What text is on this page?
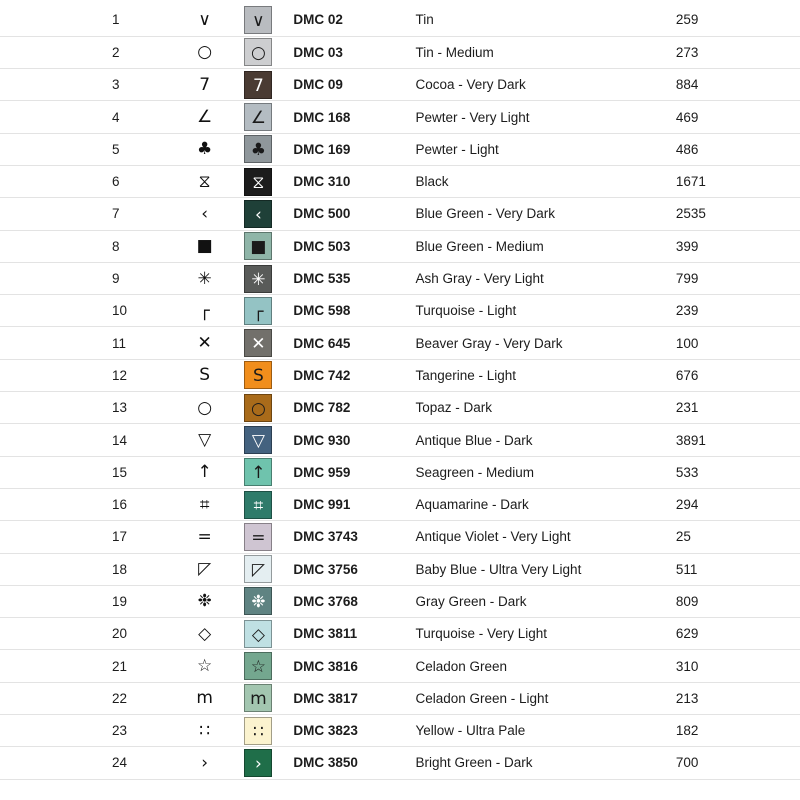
1	∨	∨	DMC 02	Tin	259
2	○	○	DMC 03	Tin - Medium	273
3	7	7	DMC 09	Cocoa - Very Dark	884
4	∠	∠	DMC 168	Pewter - Very Light	469
5	♣	♣	DMC 169	Pewter - Light	486
6	⧖	⧖	DMC 310	Black	1671
7	‹	‹	DMC 500	Blue Green - Very Dark	2535
8	■	■	DMC 503	Blue Green - Medium	399
9	✳	✳	DMC 535	Ash Gray - Very Light	799
10	┌	┌	DMC 598	Turquoise - Light	239
11	✕	✕	DMC 645	Beaver Gray - Very Dark	100
12	S	S	DMC 742	Tangerine - Light	676
13	○	○	DMC 782	Topaz - Dark	231
14	▽	▽	DMC 930	Antique Blue - Dark	3891
15	↑	↑	DMC 959	Seagreen - Medium	533
16	⌗	⌗	DMC 991	Aquamarine - Dark	294
17	=	=	DMC 3743	Antique Violet - Very Light	25
18	◸	◸	DMC 3756	Baby Blue - Ultra Very Light	511
19	❉	❉	DMC 3768	Gray Green - Dark	809
20	◇	◇	DMC 3811	Turquoise - Very Light	629
21	☆	☆	DMC 3816	Celadon Green	310
22	m	m	DMC 3817	Celadon Green - Light	213
23	∷	∷	DMC 3823	Yellow - Ultra Pale	182
24	›	›	DMC 3850	Bright Green - Dark	700
